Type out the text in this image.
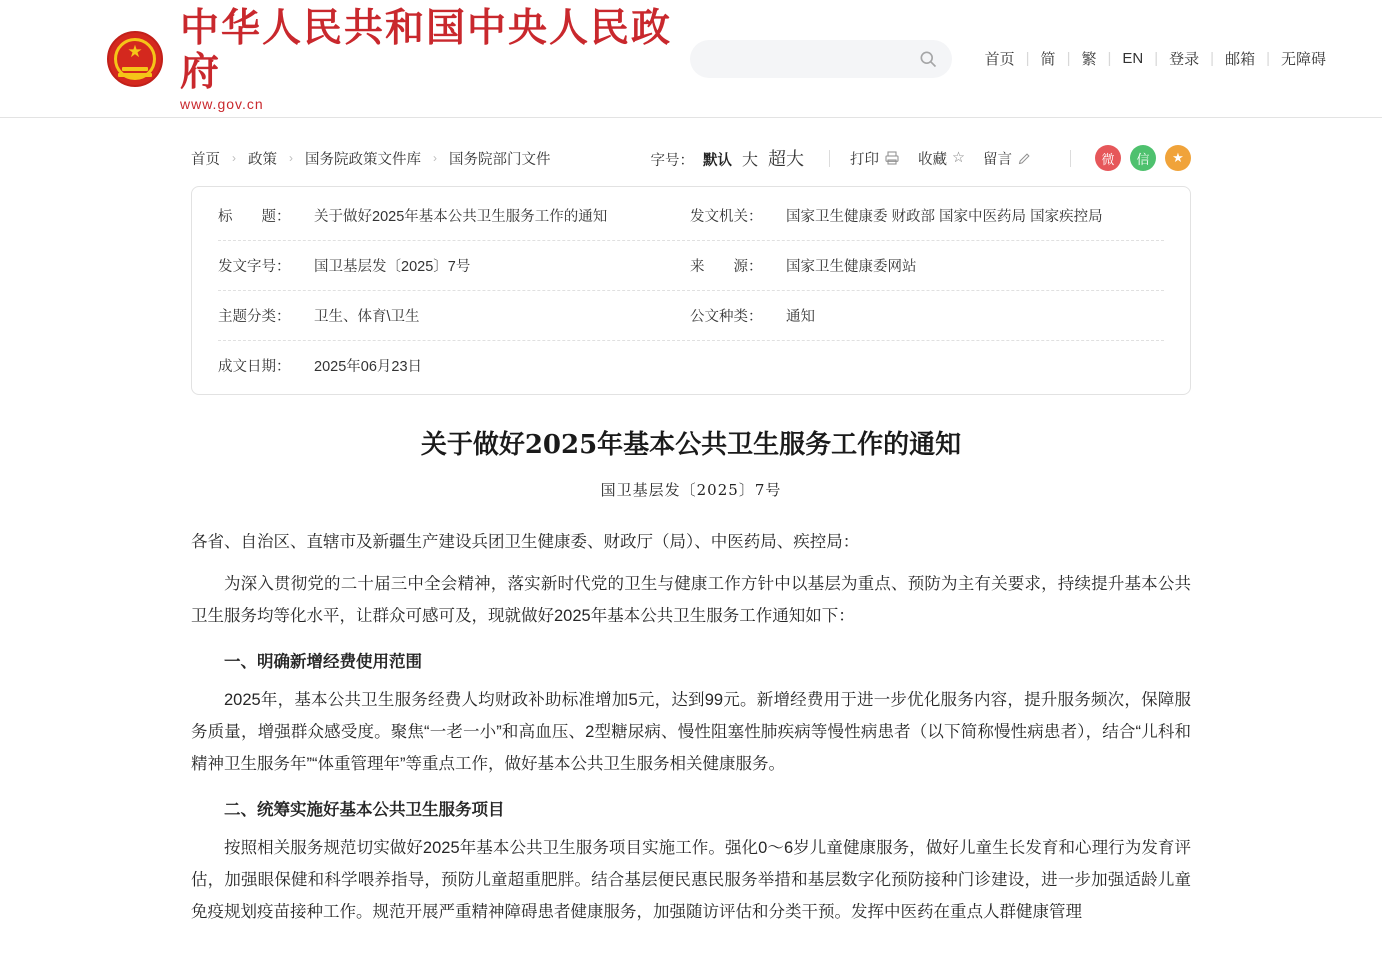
★
中华人民共和国中央人民政府
www.gov.cn
首页 | 简 | 繁 | EN | 登录 | 邮箱 | 无障碍
首页 › 政策 › 国务院政策文件库 › 国务院部门文件	字号： 默认 大 超大	打印	收藏 ☆ 留言	微	信	★
标　　题：	关于做好2025年基本公共卫生服务工作的通知	发文机关：	国家卫生健康委 财政部 国家中医药局 国家疾控局
发文字号：	国卫基层发〔2025〕7号	来　　源：	国家卫生健康委网站
主题分类：	卫生、体育\卫生	公文种类：	通知
成文日期：	2025年06月23日
关于做好2025年基本公共卫生服务工作的通知
国卫基层发〔2025〕7号

各省、自治区、直辖市及新疆生产建设兵团卫生健康委、财政厅（局）、中医药局、疾控局：

为深入贯彻党的二十届三中全会精神，落实新时代党的卫生与健康工作方针中以基层为重点、预防为主有关要求，持续提升基本公共卫生服务均等化水平，让群众可感可及，现就做好2025年基本公共卫生服务工作通知如下：

一、明确新增经费使用范围

2025年，基本公共卫生服务经费人均财政补助标准增加5元，达到99元。新增经费用于进一步优化服务内容，提升服务频次，保障服务质量，增强群众感受度。聚焦“一老一小”和高血压、2型糖尿病、慢性阻塞性肺疾病等慢性病患者（以下简称慢性病患者），结合“儿科和精神卫生服务年”“体重管理年”等重点工作，做好基本公共卫生服务相关健康服务。

二、统筹实施好基本公共卫生服务项目

按照相关服务规范切实做好2025年基本公共卫生服务项目实施工作。强化0～6岁儿童健康服务，做好儿童生长发育和心理行为发育评估，加强眼保健和科学喂养指导，预防儿童超重肥胖。结合基层便民惠民服务举措和基层数字化预防接种门诊建设，进一步加强适龄儿童免疫规划疫苗接种工作。规范开展严重精神障碍患者健康服务，加强随访评估和分类干预。发挥中医药在重点人群健康管理
